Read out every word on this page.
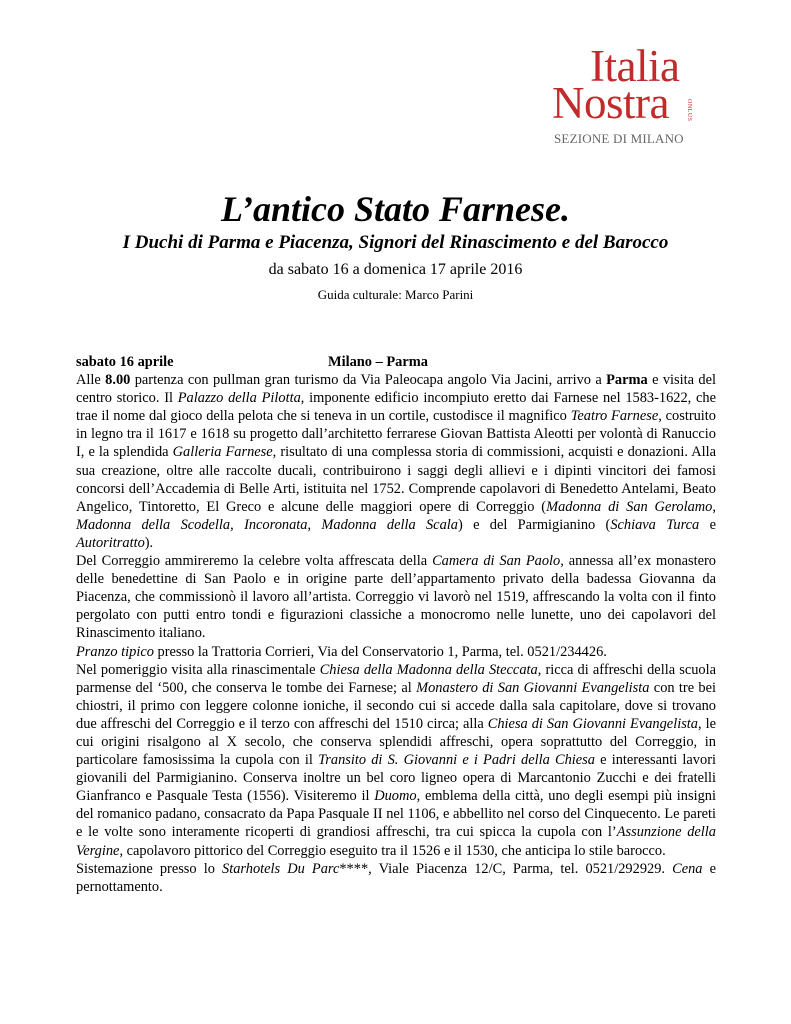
Italia
Nostra	ONLUS
SEZIONE DI MILANO
L’antico Stato Farnese.
I Duchi di Parma e Piacenza, Signori del Rinascimento e del Barocco
da sabato 16 a domenica 17 aprile 2016
Guida culturale: Marco Parini
sabato 16 aprile	Milano – Parma

Alle 8.00 partenza con pullman gran turismo da Via Paleocapa angolo Via Jacini, arrivo a Parma e visita del centro storico. Il Palazzo della Pilotta, imponente edificio incompiuto eretto dai Farnese nel 1583-1622, che trae il nome dal gioco della pelota che si teneva in un cortile, custodisce il magnifico Teatro Farnese, costruito in legno tra il 1617 e 1618 su progetto dall’architetto ferrarese Giovan Battista Aleotti per volontà di Ranuccio I, e la splendida Galleria Farnese, risultato di una complessa storia di commissioni, acquisti e donazioni. Alla sua creazione, oltre alle raccolte ducali, contribuirono i saggi degli allievi e i dipinti vincitori dei famosi concorsi dell’Accademia di Belle Arti, istituita nel 1752. Comprende capolavori di Benedetto Antelami, Beato Angelico, Tintoretto, El Greco e alcune delle maggiori opere di Correggio (Madonna di San Gerolamo, Madonna della Scodella, Incoronata, Madonna della Scala) e del Parmigianino (Schiava Turca e Autoritratto).

Del Correggio ammireremo la celebre volta affrescata della Camera di San Paolo, annessa all’ex monastero delle benedettine di San Paolo e in origine parte dell’appartamento privato della badessa Giovanna da Piacenza, che commissionò il lavoro all’artista. Correggio vi lavorò nel 1519, affrescando la volta con il finto pergolato con putti entro tondi e figurazioni classiche a monocromo nelle lunette, uno dei capolavori del Rinascimento italiano.

Pranzo tipico presso la Trattoria Corrieri, Via del Conservatorio 1, Parma, tel. 0521/234426.

Nel pomeriggio visita alla rinascimentale Chiesa della Madonna della Steccata, ricca di affreschi della scuola parmense del ‘500, che conserva le tombe dei Farnese; al Monastero di San Giovanni Evangelista con tre bei chiostri, il primo con leggere colonne ioniche, il secondo cui si accede dalla sala capitolare, dove si trovano due affreschi del Correggio e il terzo con affreschi del 1510 circa; alla Chiesa di San Giovanni Evangelista, le cui origini risalgono al X secolo, che conserva splendidi affreschi, opera soprattutto del Correggio, in particolare famosissima la cupola con il Transito di S. Giovanni e i Padri della Chiesa e interessanti lavori giovanili del Parmigianino. Conserva inoltre un bel coro ligneo opera di Marcantonio Zucchi e dei fratelli Gianfranco e Pasquale Testa (1556). Visiteremo il Duomo, emblema della città, uno degli esempi più insigni del romanico padano, consacrato da Papa Pasquale II nel 1106, e abbellito nel corso del Cinquecento. Le pareti e le volte sono interamente ricoperti di grandiosi affreschi, tra cui spicca la cupola con l’Assunzione della Vergine, capolavoro pittorico del Correggio eseguito tra il 1526 e il 1530, che anticipa lo stile barocco.

Sistemazione presso lo Starhotels Du Parc****, Viale Piacenza 12/C, Parma, tel. 0521/292929. Cena e pernottamento.
